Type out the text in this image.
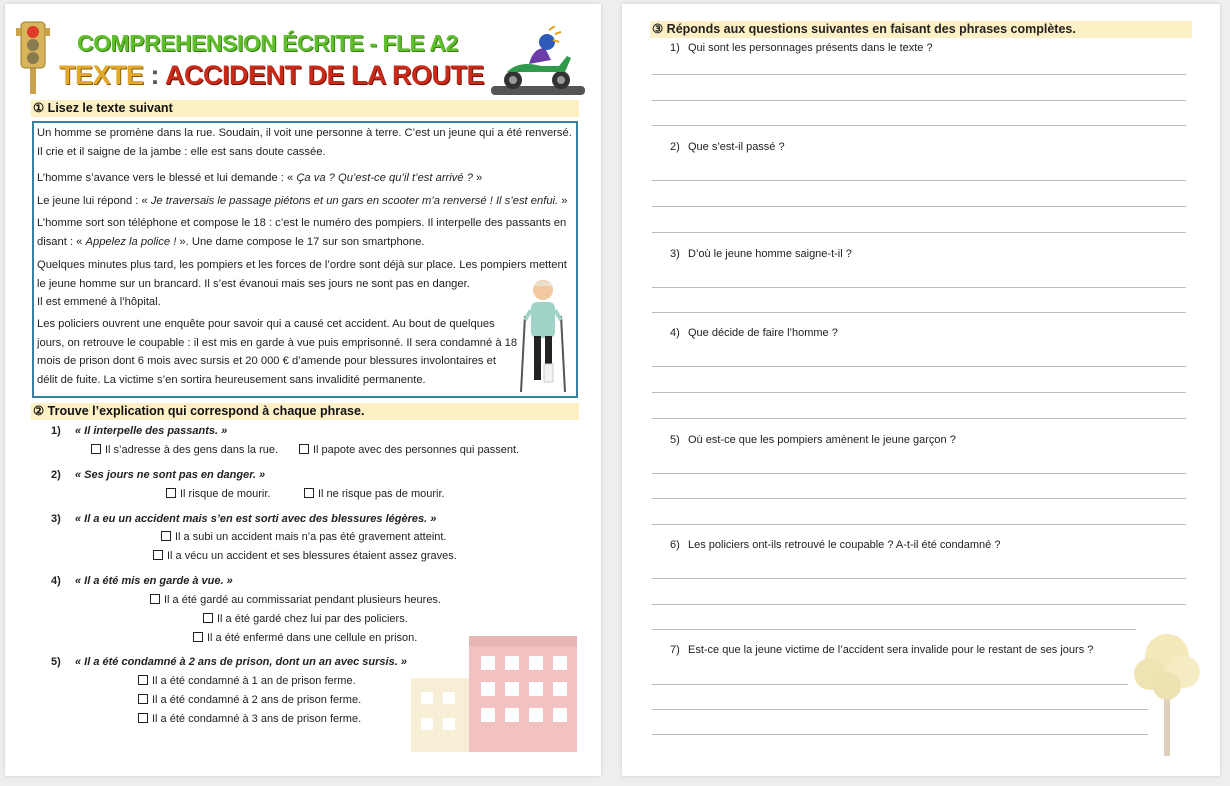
COMPREHENSION ÉCRITE - FLE A2
TEXTE : ACCIDENT DE LA ROUTE
① Lisez le texte suivant
Un homme se promène dans la rue. Soudain, il voit une personne à terre. C’est un jeune qui a été renversé.
Il crie et il saigne de la jambe : elle est sans doute cassée.
L’homme s’avance vers le blessé et lui demande : « Ça va ? Qu’est-ce qu’il t’est arrivé ? »
Le jeune lui répond : « Je traversais le passage piétons et un gars en scooter m’a renversé ! Il s’est enfui. »
L’homme sort son téléphone et compose le 18 : c’est le numéro des pompiers. Il interpelle des passants en
disant : « Appelez la police ! ». Une dame compose le 17 sur son smartphone.
Quelques minutes plus tard, les pompiers et les forces de l’ordre sont déjà sur place. Les pompiers mettent
le jeune homme sur un brancard. Il s’est évanoui mais ses jours ne sont pas en danger.
Il est emmené à l’hôpital.
Les policiers ouvrent une enquête pour savoir qui a causé cet accident. Au bout de quelques
jours, on retrouve le coupable : il est mis en garde à vue puis emprisonné. Il sera condamné à 18
mois de prison dont 6 mois avec sursis et 20 000 € d’amende pour blessures involontaires et
délit de fuite. La victime s’en sortira heureusement sans invalidité permanente.
② Trouve l’explication qui correspond à chaque phrase.
1) « Il interpelle des passants. »
Il s’adresse à des gens dans la rue.	Il papote avec des personnes qui passent.
2) « Ses jours ne sont pas en danger. »
Il risque de mourir.	Il ne risque pas de mourir.
3) « Il a eu un accident mais s’en est sorti avec des blessures légères. »
Il a subi un accident mais n’a pas été gravement atteint.
Il a vécu un accident et ses blessures étaient assez graves.
4) « Il a été mis en garde à vue. »
Il a été gardé au commissariat pendant plusieurs heures.
Il a été gardé chez lui par des policiers.
Il a été enfermé dans une cellule en prison.
5) « Il a été condamné à 2 ans de prison, dont un an avec sursis. »
Il a été condamné à 1 an de prison ferme.
Il a été condamné à 2 ans de prison ferme.
Il a été condamné à 3 ans de prison ferme.
③ Réponds aux questions suivantes en faisant des phrases complètes.
1) Qui sont les personnages présents dans le texte ?
2) Que s’est-il passé ?
3) D’où le jeune homme saigne-t-il ?
4) Que décide de faire l’homme ?
5) Où est-ce que les pompiers amènent le jeune garçon ?
6) Les policiers ont-ils retrouvé le coupable ? A-t-il été condamné ?
7) Est-ce que la jeune victime de l’accident sera invalide pour le restant de ses jours ?
